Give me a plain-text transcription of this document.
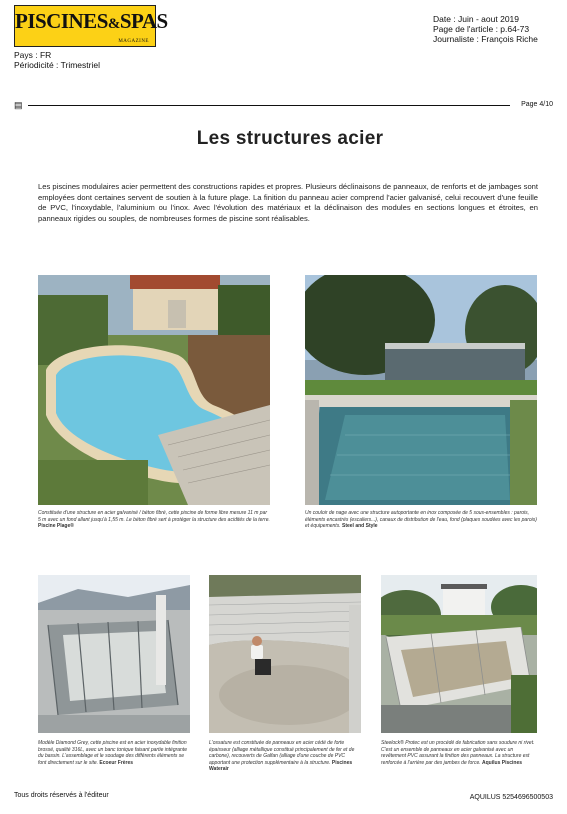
PISCINES&SPAS
MAGAZINE
Pays : FR
Périodicité : Trimestriel
Date : Juin - aout 2019
Page de l'article : p.64-73
Journaliste : François Riche
▤	Page 4/10
Les structures acier
Les piscines modulaires acier permettent des constructions rapides et propres. Plusieurs déclinaisons de panneaux, de renforts et de jambages sont employées dont certaines servent de soutien à la future plage. La finition du panneau acier comprend l'acier galvanisé, celui recouvert d'une feuille de PVC, l'inoxydable, l'aluminium ou l'inox. Avec l'évolution des matériaux et la déclinaison des modules en sections longues et étroites, en panneaux rigides ou souples, de nombreuses formes de piscine sont réalisables.
Constituée d'une structure en acier galvanisé / béton fibré, cette piscine de forme libre mesure 11 m par 5 m avec un fond allant jusqu'à 1,55 m. Le béton fibré sert à protéger la structure des acidités de la terre. Piscine Plage®
Un couloir de nage avec une structure autoportante en inox composée de 5 sous-ensembles : parois, éléments encastrés (escaliers...), canaux de distribution de l'eau, fond (plaques soudées avec les parois) et équipements. Steel and Style
Modèle Diamond Grey, cette piscine est en acier inoxydable finition brossé, qualité 316L, avec un banc tonique faisant partie intégrante du bassin. L'assemblage et le soudage des différents éléments se font directement sur le site. Ecoeur Frères
L'ossature est constituée de panneaux en acier cédé de forte épaisseur (alliage métallique constitué principalement de fer et de carbone), recouverts de Galfan (alliage d'une couche de PVC apportant une protection supplémentaire à la structure. Piscines Waterair
Steelock® Protec est un procédé de fabrication sans soudure ni rivet. C'est un ensemble de panneaux en acier galvanisé avec un revêtement PVC assurant la finition des panneaux. La structure est renforcée à l'arrière par des jambes de force. Aquilus Piscines
Tous droits réservés à l'éditeur	AQUILUS 5254696500503
